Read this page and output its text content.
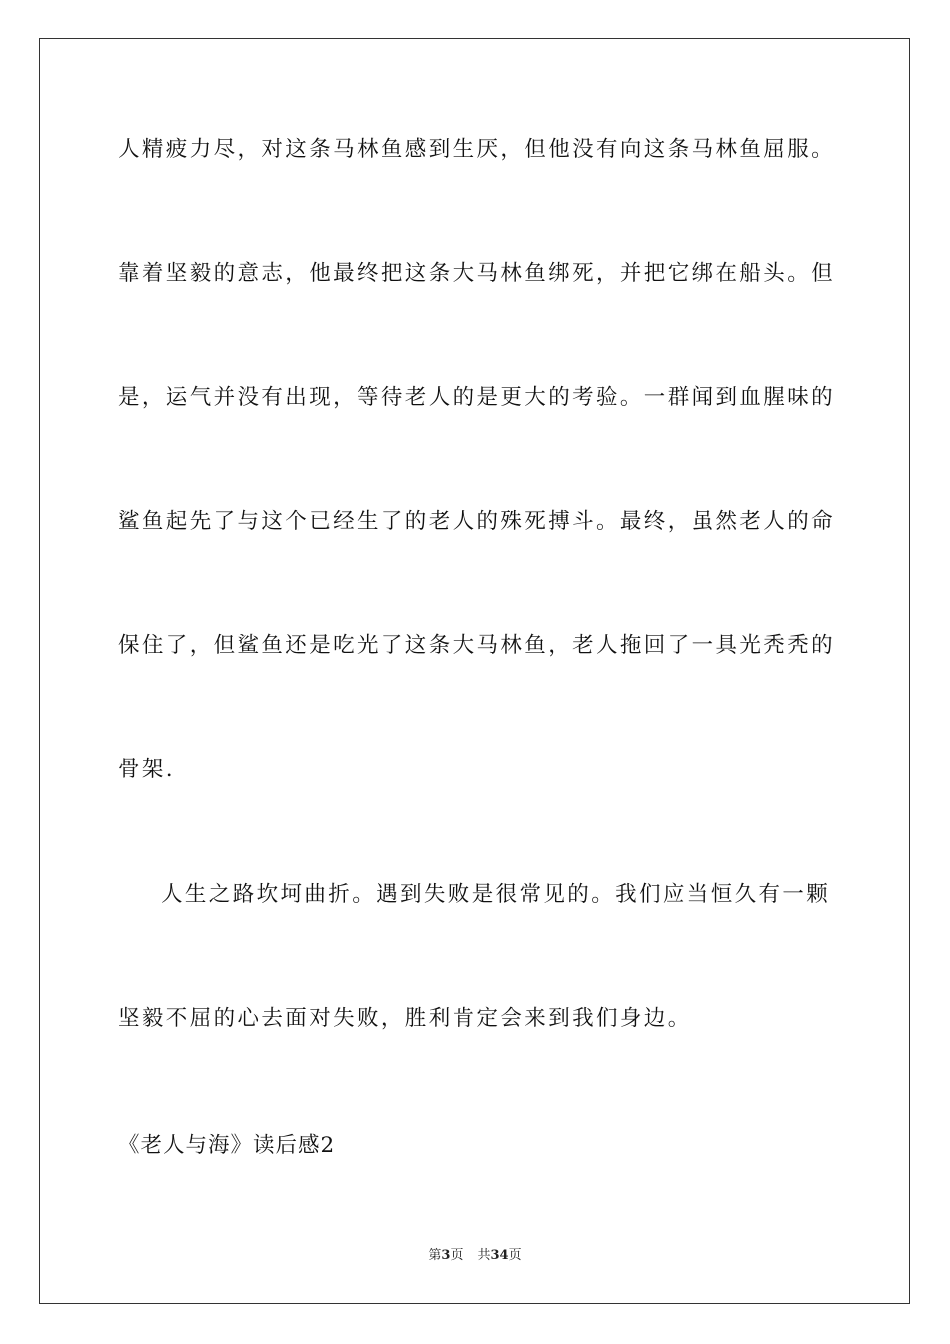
人精疲力尽，对这条马林鱼感到生厌，但他没有向这条马林鱼屈服。
靠着坚毅的意志，他最终把这条大马林鱼绑死，并把它绑在船头。但
是，运气并没有出现，等待老人的是更大的考验。一群闻到血腥味的
鲨鱼起先了与这个已经生了的老人的殊死搏斗。最终，虽然老人的命
保住了，但鲨鱼还是吃光了这条大马林鱼，老人拖回了一具光秃秃的
骨架.
人生之路坎坷曲折。遇到失败是很常见的。我们应当恒久有一颗
坚毅不屈的心去面对失败，胜利肯定会来到我们身边。
《老人与海》读后感2
第3页 共34页
